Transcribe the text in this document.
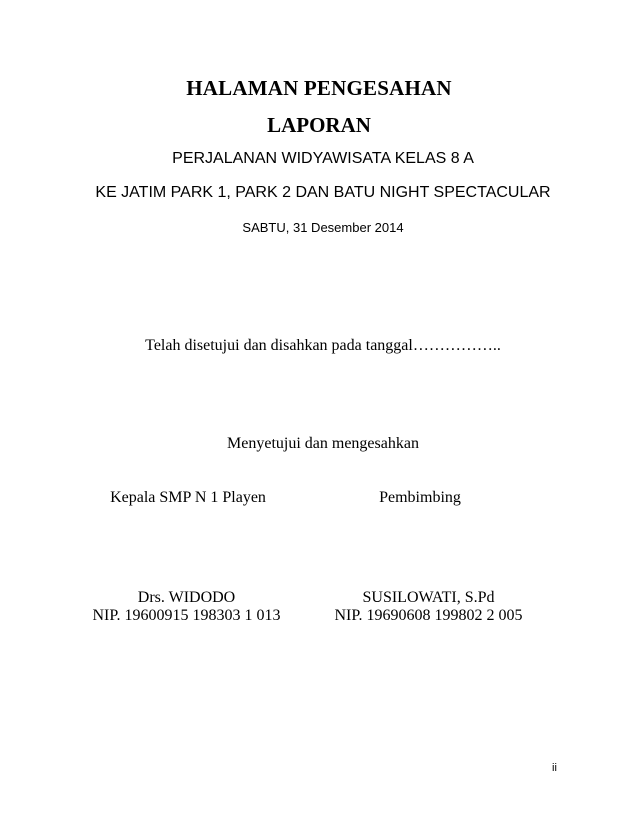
HALAMAN PENGESAHAN
LAPORAN
PERJALANAN WIDYAWISATA KELAS 8 A
KE JATIM PARK 1, PARK 2 DAN BATU NIGHT SPECTACULAR
SABTU, 31 Desember 2014
Telah disetujui dan disahkan pada tanggal……………..
Menyetujui dan mengesahkan
Kepala SMP N 1 Playen	Pembimbing
Drs. WIDODO
NIP. 19600915 198303 1 013
SUSILOWATI, S.Pd
NIP. 19690608 199802 2 005
ii
